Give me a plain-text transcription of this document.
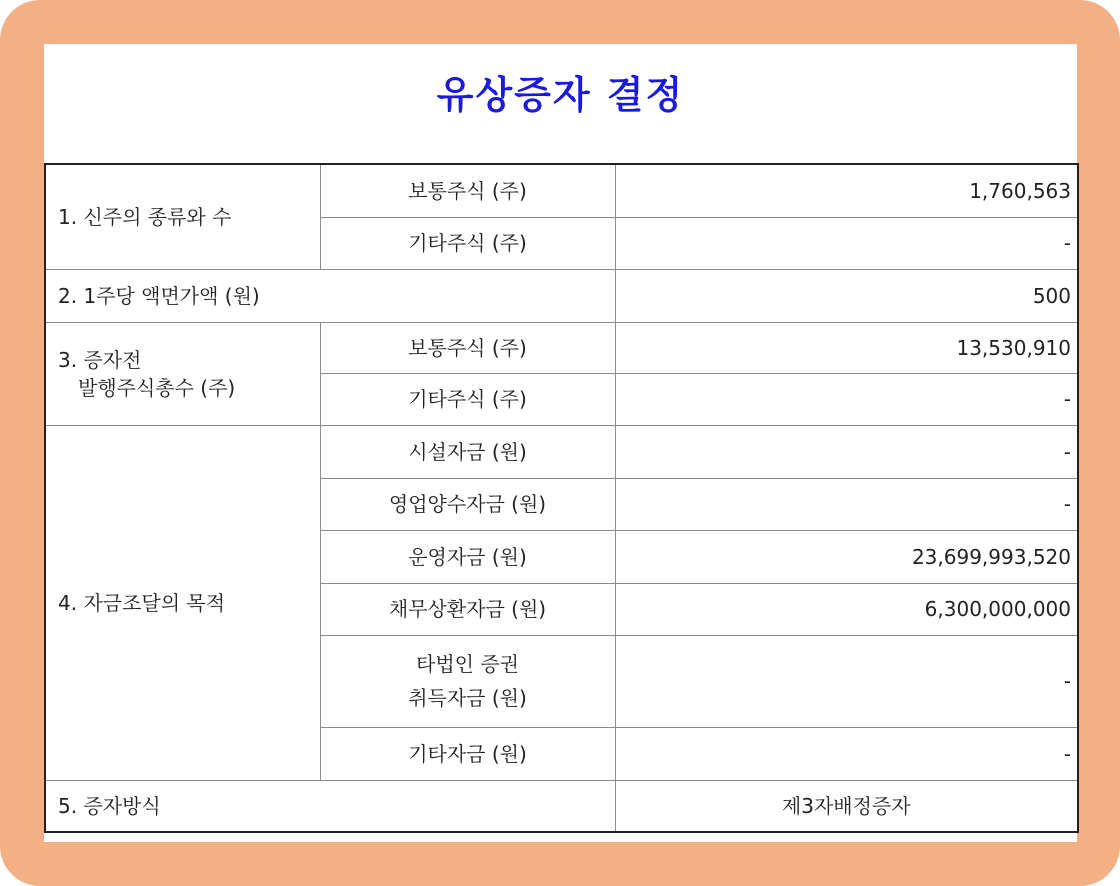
유상증자 결정
1. 신주의 종류와 수	보통주식 (주)	1,760,563
	기타주식 (주)	-
2. 1주당 액면가액 (원)		500
3. 증자전
발행주식총수 (주)	보통주식 (주)	13,530,910
	기타주식 (주)	-
4. 자금조달의 목적	시설자금 (원)	-
	영업양수자금 (원)	-
	운영자금 (원)	23,699,993,520
	채무상환자금 (원)	6,300,000,000
	타법인 증권
취득자금 (원)	-
	기타자금 (원)	-
5. 증자방식		제3자배정증자
